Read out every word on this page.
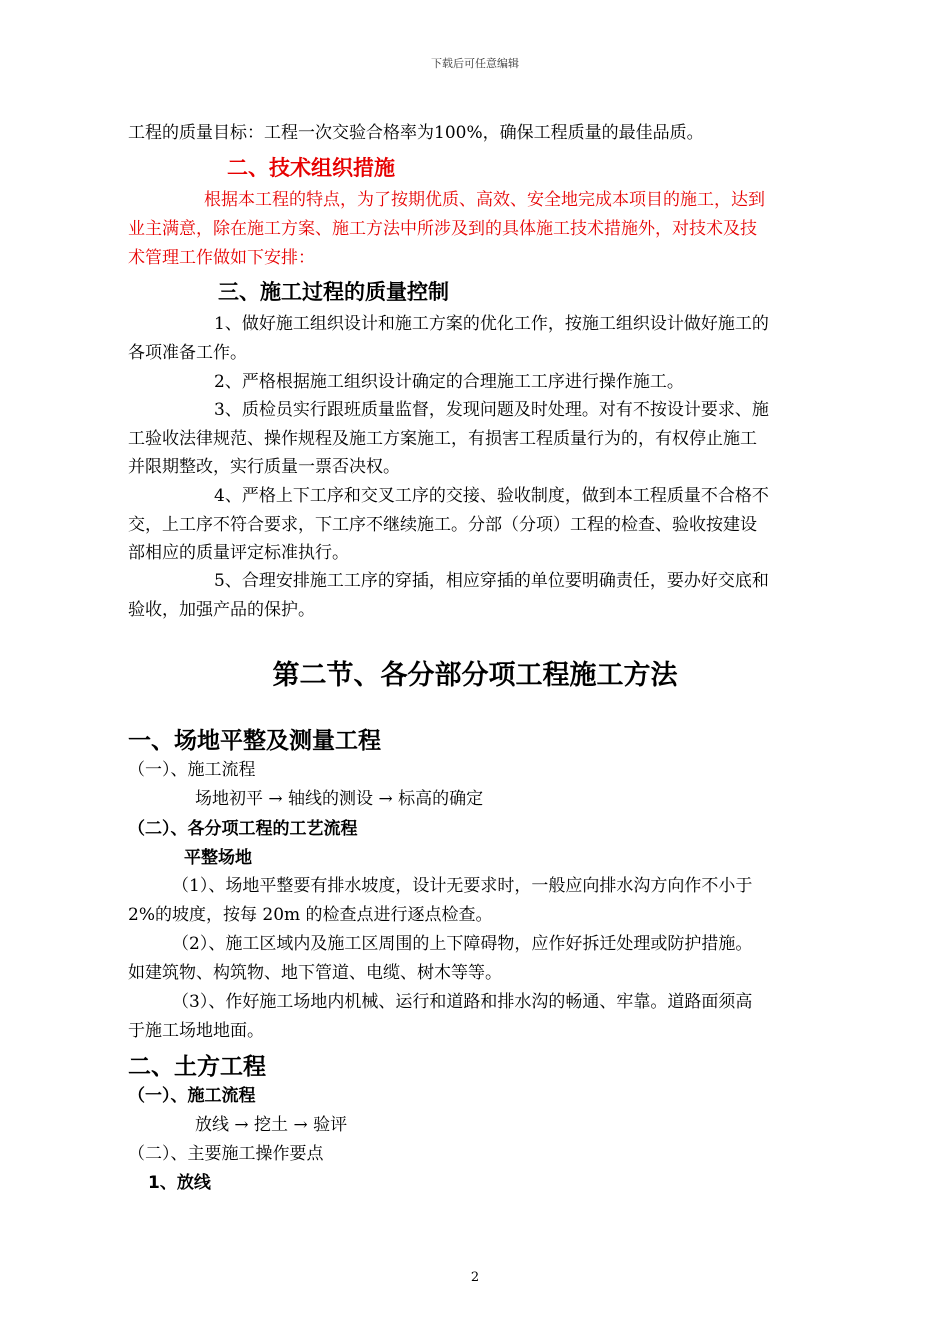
下载后可任意编辑
工程的质量目标：工程一次交验合格率为100%，确保工程质量的最佳品质。
二、技术组织措施
根据本工程的特点，为了按期优质、高效、安全地完成本项目的施工，达到
业主满意，除在施工方案、施工方法中所涉及到的具体施工技术措施外，对技术及技
术管理工作做如下安排：
三、施工过程的质量控制
1、做好施工组织设计和施工方案的优化工作，按施工组织设计做好施工的
各项准备工作。
2、严格根据施工组织设计确定的合理施工工序进行操作施工。
3、质检员实行跟班质量监督，发现问题及时处理。对有不按设计要求、施
工验收法律规范、操作规程及施工方案施工，有损害工程质量行为的，有权停止施工
并限期整改，实行质量一票否决权。
4、严格上下工序和交叉工序的交接、验收制度，做到本工程质量不合格不
交，上工序不符合要求，下工序不继续施工。分部（分项）工程的检查、验收按建设
部相应的质量评定标准执行。
5、合理安排施工工序的穿插，相应穿插的单位要明确责任，要办好交底和
验收，加强产品的保护。
第二节、各分部分项工程施工方法
一、场地平整及测量工程
（一）、施工流程
场地初平 → 轴线的测设 → 标高的确定
（二）、各分项工程的工艺流程
平整场地
（1）、场地平整要有排水坡度，设计无要求时，一般应向排水沟方向作不小于
2%的坡度，按每 20m 的检查点进行逐点检查。
（2）、施工区域内及施工区周围的上下障碍物，应作好拆迁处理或防护措施。
如建筑物、构筑物、地下管道、电缆、树木等等。
（3）、作好施工场地内机械、运行和道路和排水沟的畅通、牢靠。道路面须高
于施工场地地面。
二、土方工程
（一）、施工流程
放线 → 挖土 → 验评
（二）、主要施工操作要点
1、放线
2
